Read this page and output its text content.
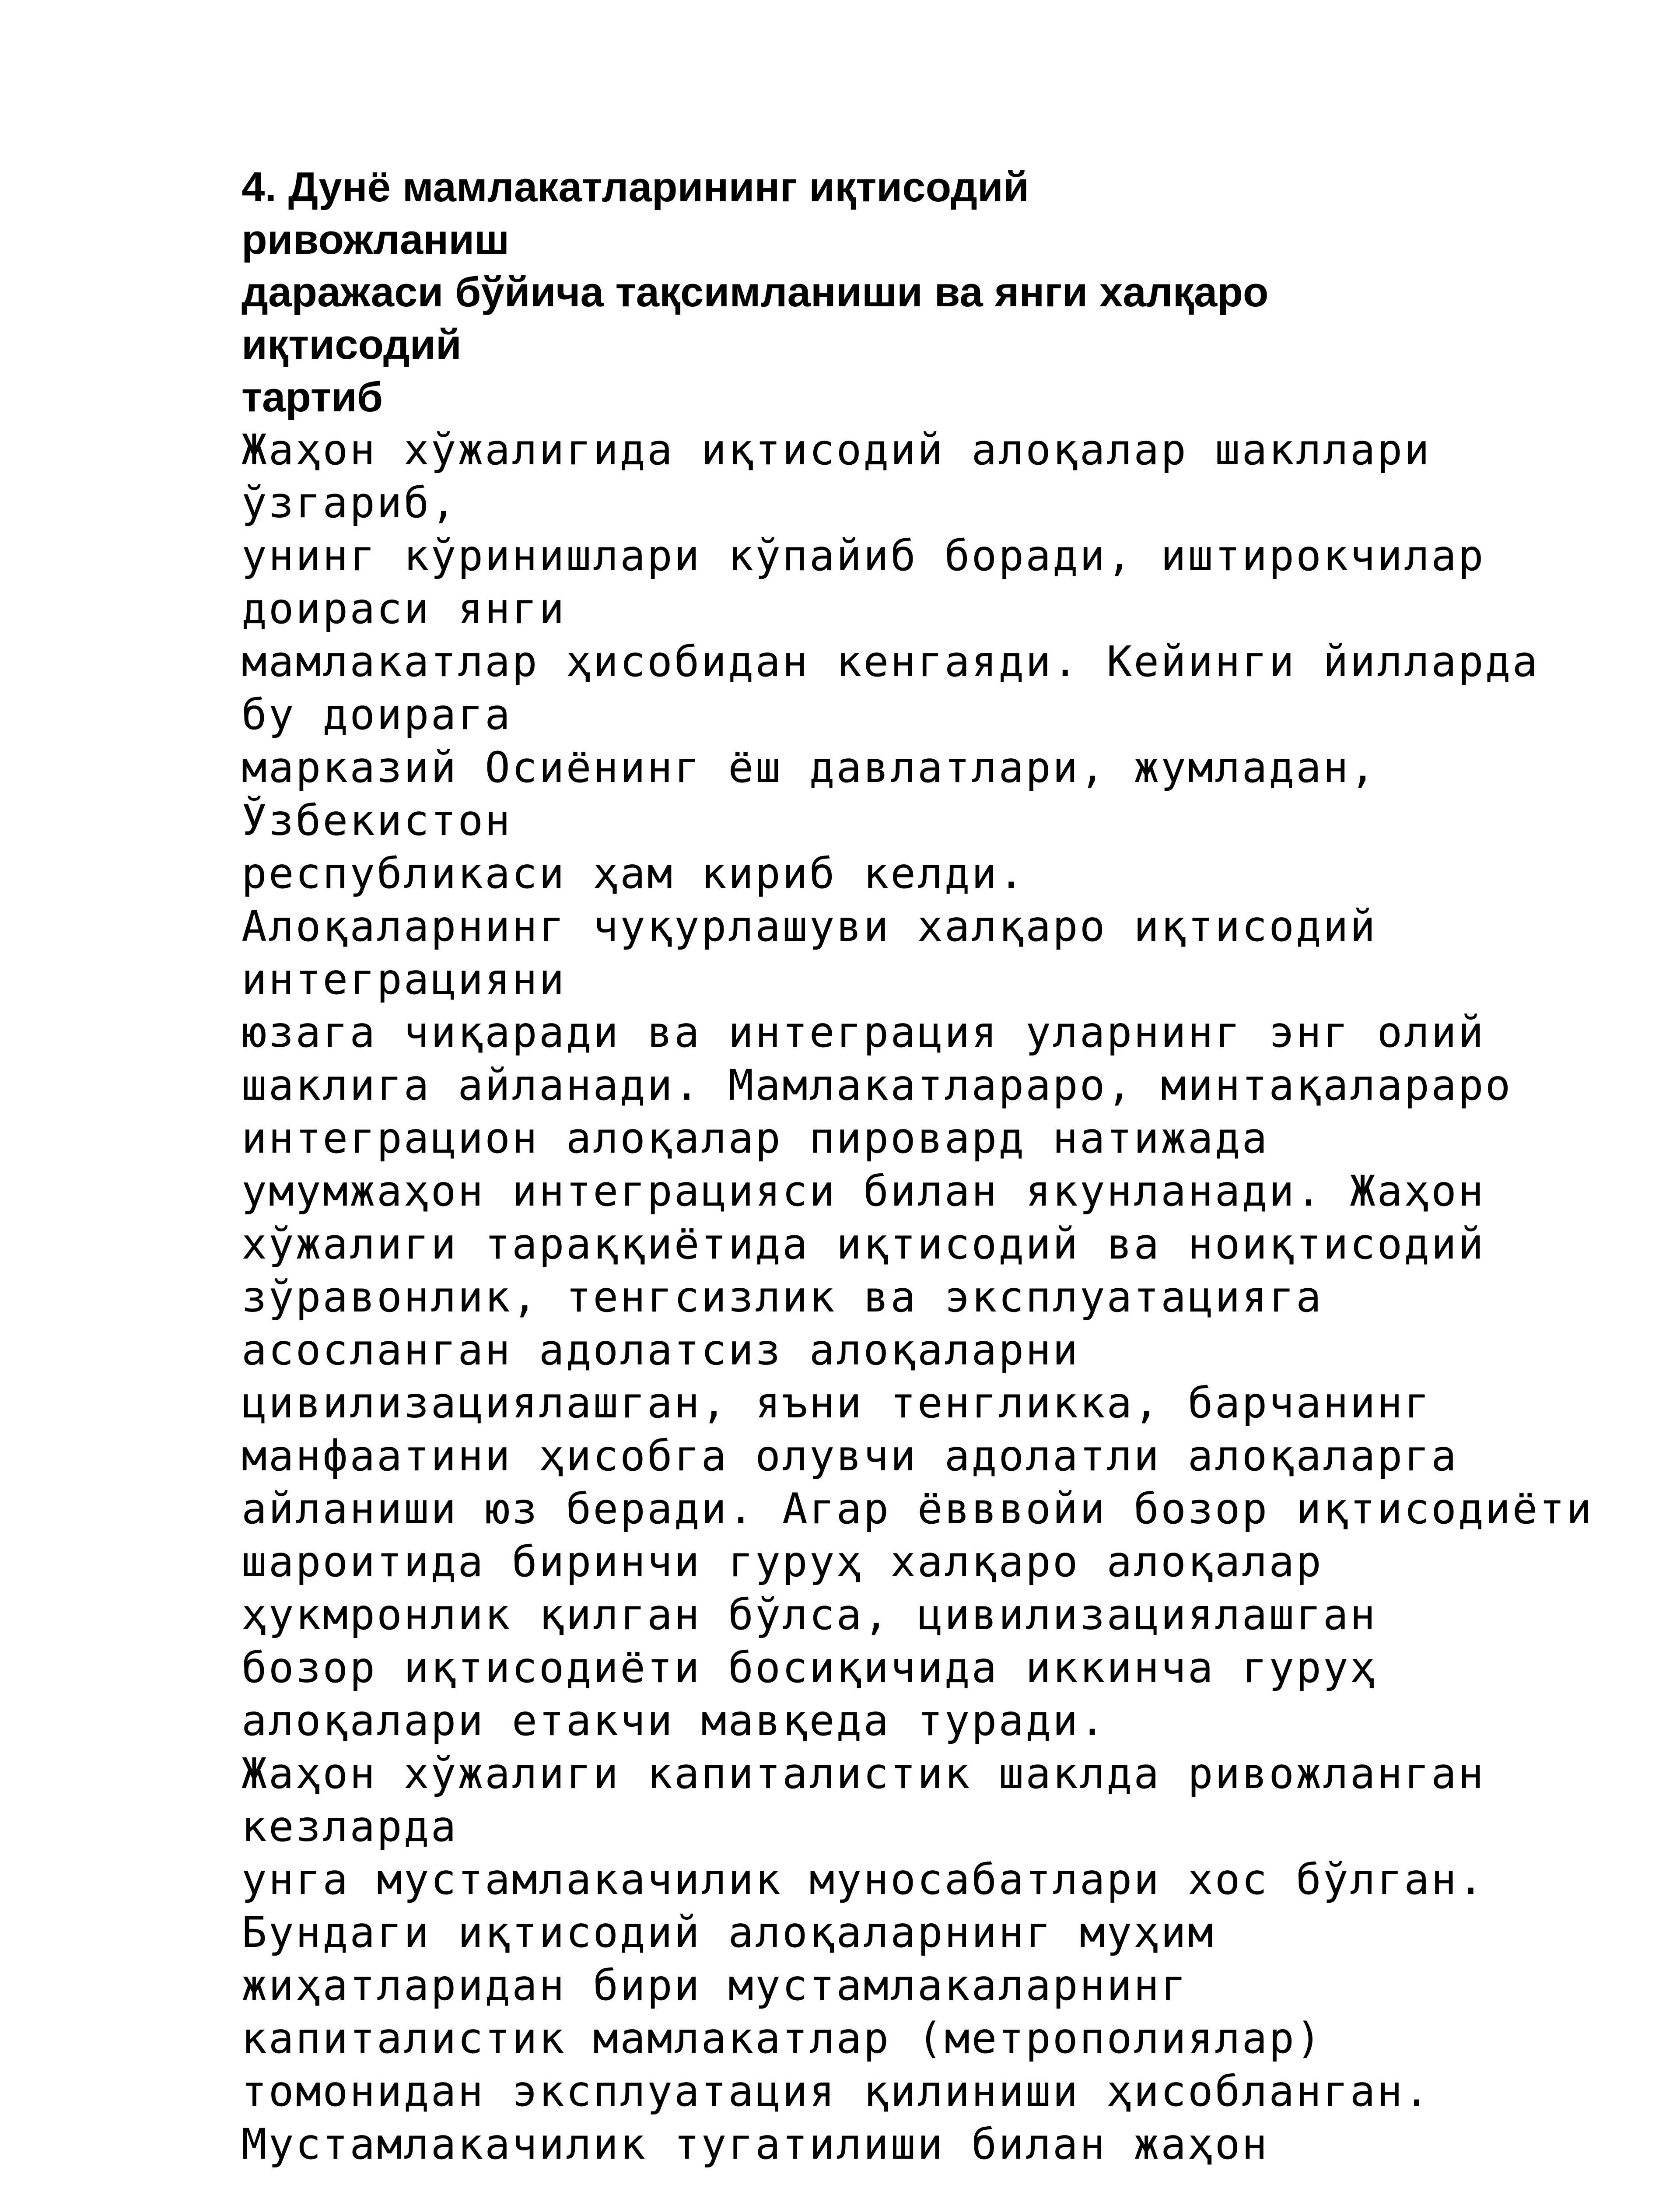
4. Дунё мамлакатларининг иқтисодий

ривожланиш

даражаси бўйича тақсимланиши ва янги халқаро

иқтисодий

тартиб

Жаҳон хўжалигида иқтисодий алоқалар шакллари

ўзгариб,

унинг кўринишлари кўпайиб боради, иштирокчилар

доираси янги

мамлакатлар ҳисобидан кенгаяди. Кейинги йилларда

бу доирага

марказий Осиёнинг ёш давлатлари, жумладан,

Ўзбекистон

республикаси ҳам кириб келди.

Алоқаларнинг чуқурлашуви халқаро иқтисодий

интеграцияни

юзага чиқаради ва интеграция уларнинг энг олий

шаклига айланади. Мамлакатлараро, минтақалараро

интеграцион алоқалар пировард натижада

умумжаҳон интеграцияси билан якунланади. Жаҳон

хўжалиги тараққиётида иқтисодий ва ноиқтисодий

зўравонлик, тенгсизлик ва эксплуатацияга

асосланган адолатсиз алоқаларни

цивилизациялашган, яъни тенгликка, барчанинг

манфаатини ҳисобга олувчи адолатли алоқаларга

айланиши юз беради. Агар ёвввойи бозор иқтисодиёти

шароитида биринчи гуруҳ халқаро алоқалар

ҳукмронлик қилган бўлса, цивилизациялашган

бозор иқтисодиёти босиқичида иккинча гуруҳ

алоқалари етакчи мавқеда туради.

Жаҳон хўжалиги капиталистик шаклда ривожланган

кезларда

унга мустамлакачилик муносабатлари хос бўлган.

Бундаги иқтисодий алоқаларнинг муҳим

жиҳатларидан бири мустамлакаларнинг

капиталистик мамлакатлар (метрополиялар)

томонидан эксплуатация қилиниши ҳисобланган.

Мустамлакачилик тугатилиши билан жаҳон
